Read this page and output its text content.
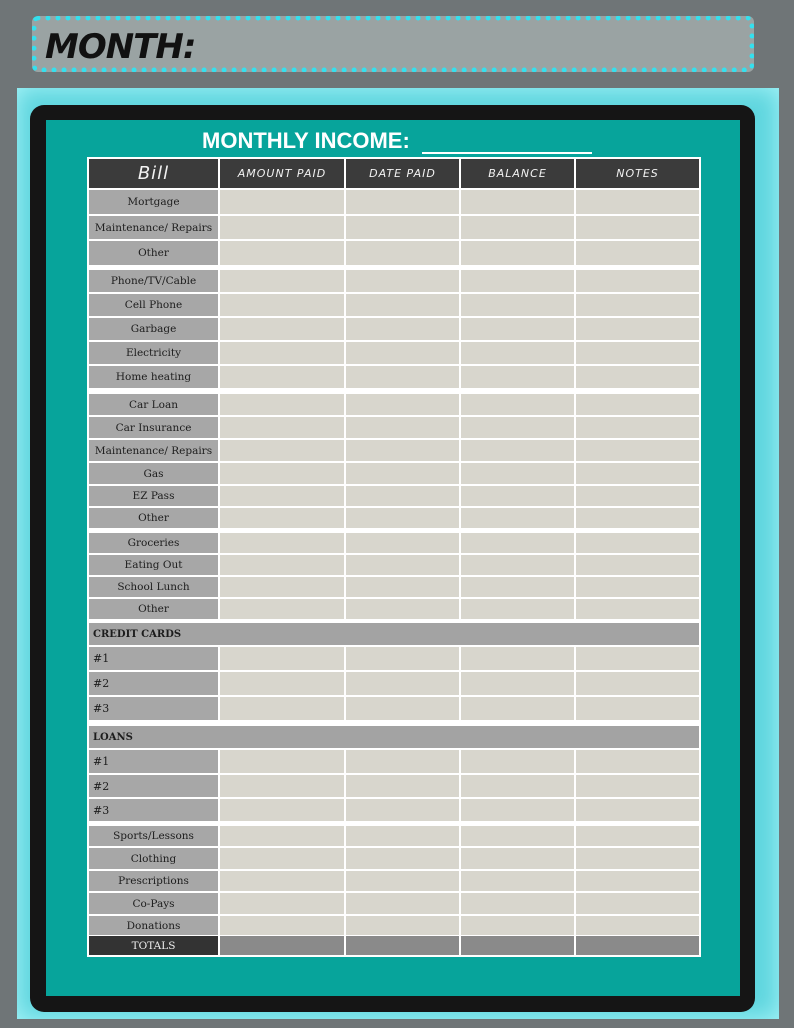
MONTH:
MONTHLY INCOME:
Bill	AMOUNT PAID	DATE PAID	BALANCE	NOTES
Mortgage
Maintenance/ Repairs
Other
Phone/TV/Cable
Cell Phone
Garbage
Electricity
Home heating
Car Loan
Car Insurance
Maintenance/ Repairs
Gas
EZ Pass
Other
Groceries
Eating Out
School Lunch
Other
CREDIT CARDS
#1
#2
#3
LOANS
#1
#2
#3
Sports/Lessons
Clothing
Prescriptions
Co-Pays
Donations
TOTALS
